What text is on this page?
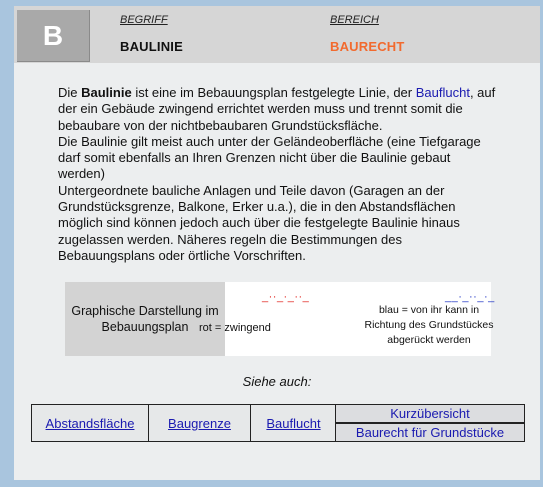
B	BEGRIFF
BAULINIE
BEREICH
BAURECHT

Die Baulinie ist eine im Bebauungsplan festgelegte Linie, der Bauflucht, auf der ein Gebäude zwingend errichtet werden muss und trennt somit die bebaubare von der nichtbebaubaren Grundstücksfläche.

Die Baulinie gilt meist auch unter der Geländeoberfläche (eine Tiefgarage darf somit ebenfalls an Ihren Grenzen nicht über die Baulinie gebaut werden)

Untergeordnete bauliche Anlagen und Teile davon (Garagen an der Grundstücksgrenze, Balkone, Erker u.a.), die in den Abstandsflächen möglich sind können jedoch auch über die festgelegte Baulinie hinaus zugelassen werden. Näheres regeln die Bestimmungen des Bebauungsplans oder örtliche Vorschriften.

Graphische Darstellung im Bebauungsplan
_··_·_··_	__·_··_·_
rot = zwingend
blau = von ihr kann in Richtung des Grundstückes abgerückt werden
Siehe auch:
Abstandsfläche	Baugrenze	Bauflucht
Kurzübersicht
Baurecht für Grundstücke
